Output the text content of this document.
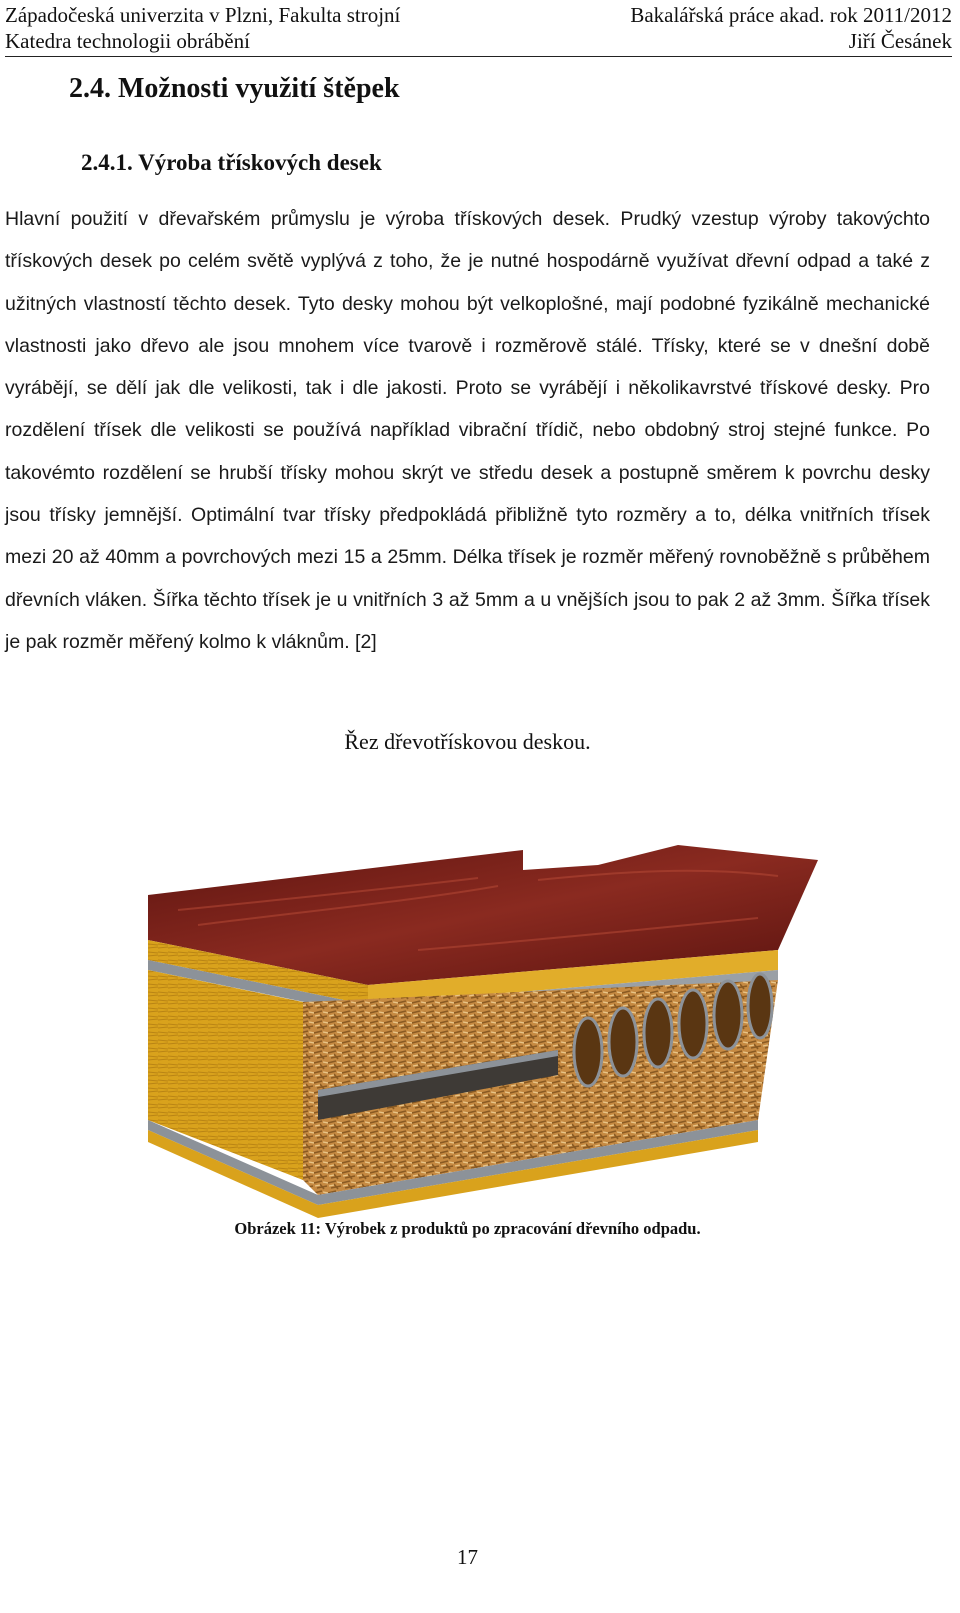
Západočeská univerzita v Plzni, Fakulta strojní	Bakalářská práce akad. rok 2011/2012
Katedra technologii obrábění	Jiří Česánek
2.4. Možnosti využití štěpek
2.4.1. Výroba třískových desek

Hlavní použití v dřevařském průmyslu je výroba třískových desek. Prudký vzestup výroby takovýchto třískových desek po celém světě vyplývá z toho, že je nutné hospodárně využívat dřevní odpad a také z užitných vlastností těchto desek. Tyto desky mohou být velkoplošné, mají podobné fyzikálně mechanické vlastnosti jako dřevo ale jsou mnohem více tvarově i rozměrově stálé. Třísky, které se v dnešní době vyrábějí, se dělí jak dle velikosti, tak i dle jakosti. Proto se vyrábějí i několikavrstvé třískové desky. Pro rozdělení třísek dle velikosti se používá například vibrační třídič, nebo obdobný stroj stejné funkce. Po takovémto rozdělení se hrubší třísky mohou skrýt ve středu desek a postupně směrem k povrchu desky jsou třísky jemnější. Optimální tvar třísky předpokládá přibližně tyto rozměry a to, délka vnitřních třísek mezi 20 až 40mm a povrchových mezi 15 a 25mm. Délka třísek je rozměr měřený rovnoběžně s průběhem dřevních vláken. Šířka těchto třísek je u vnitřních 3 až 5mm a u vnějších jsou to pak 2 až 3mm. Šířka třísek je pak rozměr měřený kolmo k vláknům. [2]

Řez dřevotřískovou deskou.
Obrázek 11: Výrobek z produktů po zpracování dřevního odpadu.
17
